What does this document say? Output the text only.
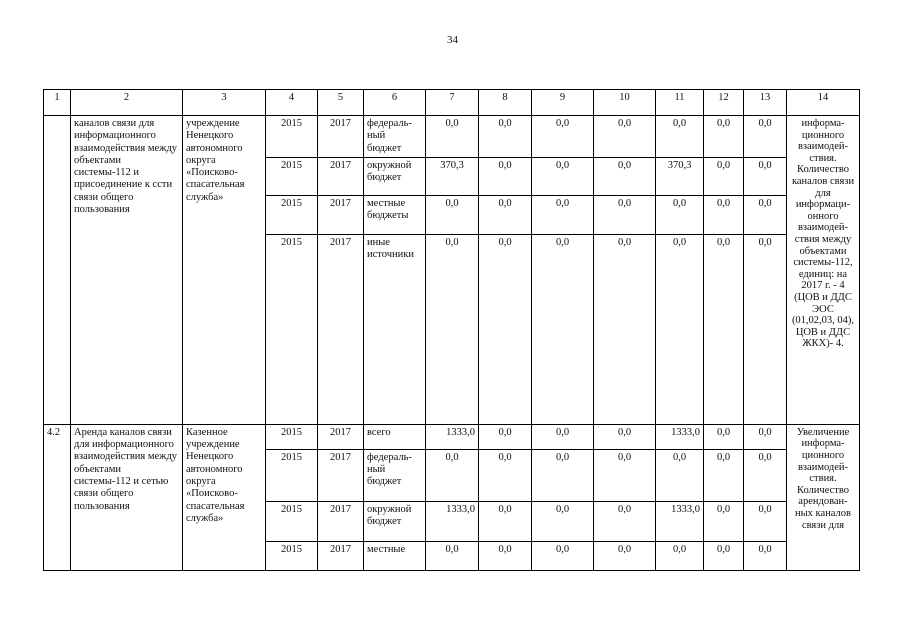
34
1	2	3	4	5	6	7	8	9	10	11	12	13	14
	каналов связи для информационного взаимодействия между объектами системы-112 и присоединение к ссти связи общего пользования	учреждение Ненецкого автономного округа «Поисково-спасательная служба»	2015	2017	федераль-ный бюджет	0,0	0,0	0,0	0,0	0,0	0,0	0,0	информа-ционного взаимодей-ствия. Количество каналов связи для информаци-онного взаимодей-ствия между объектами системы-112, единиц: на 2017 г. - 4 (ЦОВ и ДДС ЭОС (01,02,03, 04), ЦОВ и ДДС ЖКХ)- 4.
			2015	2017	окружной бюджет	370,3	0,0	0,0	0,0	370,3	0,0	0,0	
			2015	2017	местные бюджеты	0,0	0,0	0,0	0,0	0,0	0,0	0,0	
			2015	2017	иные источники	0,0	0,0	0,0	0,0	0,0	0,0	0,0	
4.2	Аренда каналов связи для информационного взаимодействия между объектами системы-112 и сетью связи общего пользования	Казенное учреждение Ненецкого автономного округа «Поисково-спасательная служба»	2015	2017	всего	1333,0	0,0	0,0	0,0	1333,0	0,0	0,0	Увеличение информа-ционного взаимодей-ствия. Количество арендован-ных каналов связи для
			2015	2017	федераль-ный бюджет	0,0	0,0	0,0	0,0	0,0	0,0	0,0	
			2015	2017	окружной бюджет	1333,0	0,0	0,0	0,0	1333,0	0,0	0,0	
			2015	2017	местные	0,0	0,0	0,0	0,0	0,0	0,0	0,0	
